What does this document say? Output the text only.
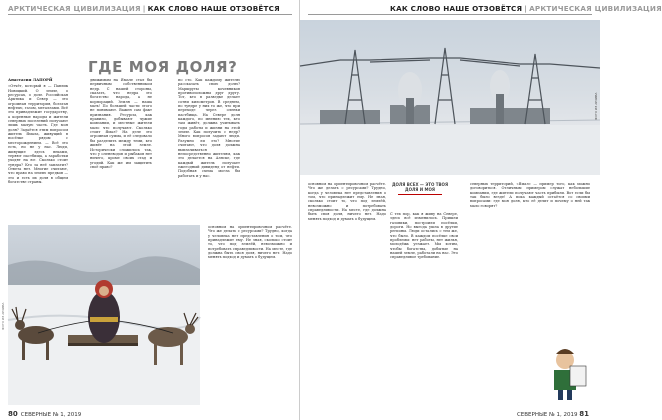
АРКТИЧЕСКАЯ ЦИВИЛИЗАЦИЯ | КАК СЛОВО НАШЕ ОТЗОВЁТСЯ
ГДЕ МОЯ ДОЛЯ?
Анастасия ЛАПОРЙ
«Отчёт, который я — Павлик Новицкий. О земле, о ресурсах, о доле. Российская Арктика и Север — это огромная территория, богатая нефтью, газом, металлами. Всё это принадлежит государству, а коренные народы и жители северных поселений получают лишь малую часть. Где моя доля? Задаётся этим вопросом житель Ямала, живущий в посёлке рядом с месторождением. — Всё это есть, но не у нас. Люди, живущие здесь веками, теряют пастбища, а заработки уходят на юг. Сколько стоит тундра? Кто за неё заплатит? Ответа нет. Многие считают, что право на землю предков — это и есть их доля в общем богатстве страны.
движимым на Ямале стал бы первичным собственником недр. С нашей стороны, сказать, что недра это богатство народа, а не корпораций. Земля — наша мать! По большей части этого не понимают. Важен сам факт признания. Ресурсы, как правило, добывают чужие компании, и местные жители мало что получают. Сколько стоит Ямал? На деле это огромная сумма, и её следовало бы разделить между теми, кто живёт на этой земле. Исторически сложилось так, что у оленеводов и рыбаков нет ничего, кроме своих стад и угодий. Как же им защитить своё право?
по сто. Как каждому жителю рассказать свою долю? Маршруты кочевников противоположны друг другу. Тот, кто в разведке делает сотни километров. В среднем, по тундре у них то же, что при переходе через оленьи пастбища. На Севере доля каждого, по мнению тех, кто там живёт, должна учитывать годы работы и жизни на этой земле. Как получить с недр? Много вопросов задают люди. Разумно ли это? Многие считают, что доля должна выплачиваться непосредственно жителям, как это делается на Аляске, где каждый житель получает ежегодный дивиденд от нефти. Подобная схема могла бы работать и у нас.
ФОТО ИЗ АРХИВА
основном на ориентировочном расчёте. Что же делать с ресурсами? Трудно, когда у человека нет представления о том, что принадлежит ему. Не зная, сколько стоит то, что под землёй, невозможно и потребовать справедливости. На месте, где должна быть своя доля, ничего нет. Надо менять подход и думать о будущем.
80 СЕВЕРНЫЕ № 1, 2019
КАК СЛОВО НАШЕ ОТЗОВЁТСЯ | АРКТИЧЕСКАЯ ЦИВИЛИЗАЦИЯ
ФОТО ИЗ АРХИВА
основном на ориентировочном расчёте. Что же делать с ресурсами? Трудно, когда у человека нет представления о том, что принадлежит ему. Не зная, сколько стоит то, что под землёй, невозможно и потребовать справедливости. На месте, где должна быть своя доля, ничего нет. Надо менять подход и думать о будущем.
ДОЛЯ ВСЕХ — ЭТО ТВОЯ ДОЛЯ И МОЯ
С тех пор, как я живу на Севере, здесь всё изменилось. Пришли газовики, построили посёлки, дороги. Но выгода ушла в другие регионы. Люди остались с тем же, что было. В каждом посёлке свои проблемы: нет работы, нет жилья, молодёжь уезжает. Мы хотим, чтобы богатства, добытые на нашей земле, работали на нас. Это справедливое требование.
северных территорий, «Ямал» — пример того, как можно договориться. Отличным примером служат небольшие компании, где жители получают часть прибыли. Вот если бы так было везде! А пока каждый остаётся со своими вопросами: где моя доля, кто её делит и почему о ней так мало говорят?
СЕВЕРНЫЕ № 1, 2019 81
